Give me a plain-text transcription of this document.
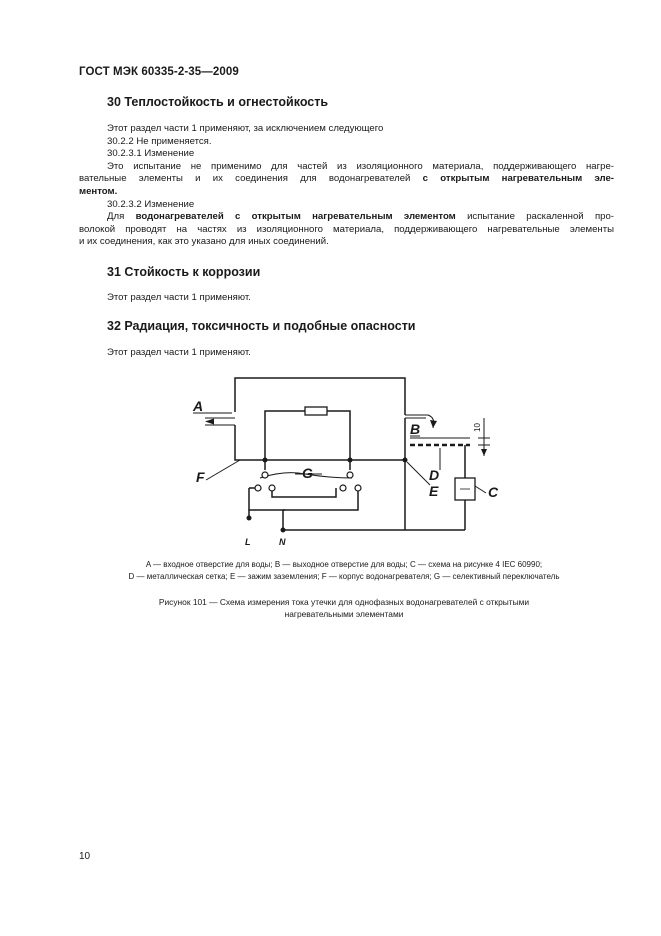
ГОСТ МЭК 60335-2-35—2009
30 Теплостойкость и огнестойкость

Этот раздел части 1 применяют, за исключением следующего

30.2.2 Не применяется.

30.2.3.1 Изменение

Это испытание не применимо для частей из изоляционного материала, поддерживающего нагре-

вательные элементы и их соединения для водонагревателей с открытым нагревательным эле-

ментом.

30.2.3.2 Изменение

Для водонагревателей с открытым нагревательным элементом испытание раскаленной про-

волокой проводят на частях из изоляционного материала, поддерживающего нагревательные элементы

и их соединения, как это указано для иных соединений.

31 Стойкость к коррозии

Этот раздел части 1 применяют.

32 Радиация, токсичность и подобные опасности

Этот раздел части 1 применяют.

A
B
C
D
E
F	G
L	N
10
A — входное отверстие для воды; B — выходное отверстие для воды; C — схема на рисунке 4 IEC 60990;
D — металлическая сетка; E — зажим заземления; F — корпус водонагревателя; G — селективный переключатель
Рисунок 101 — Схема измерения тока утечки для однофазных водонагревателей с открытыми
нагревательными элементами
10
